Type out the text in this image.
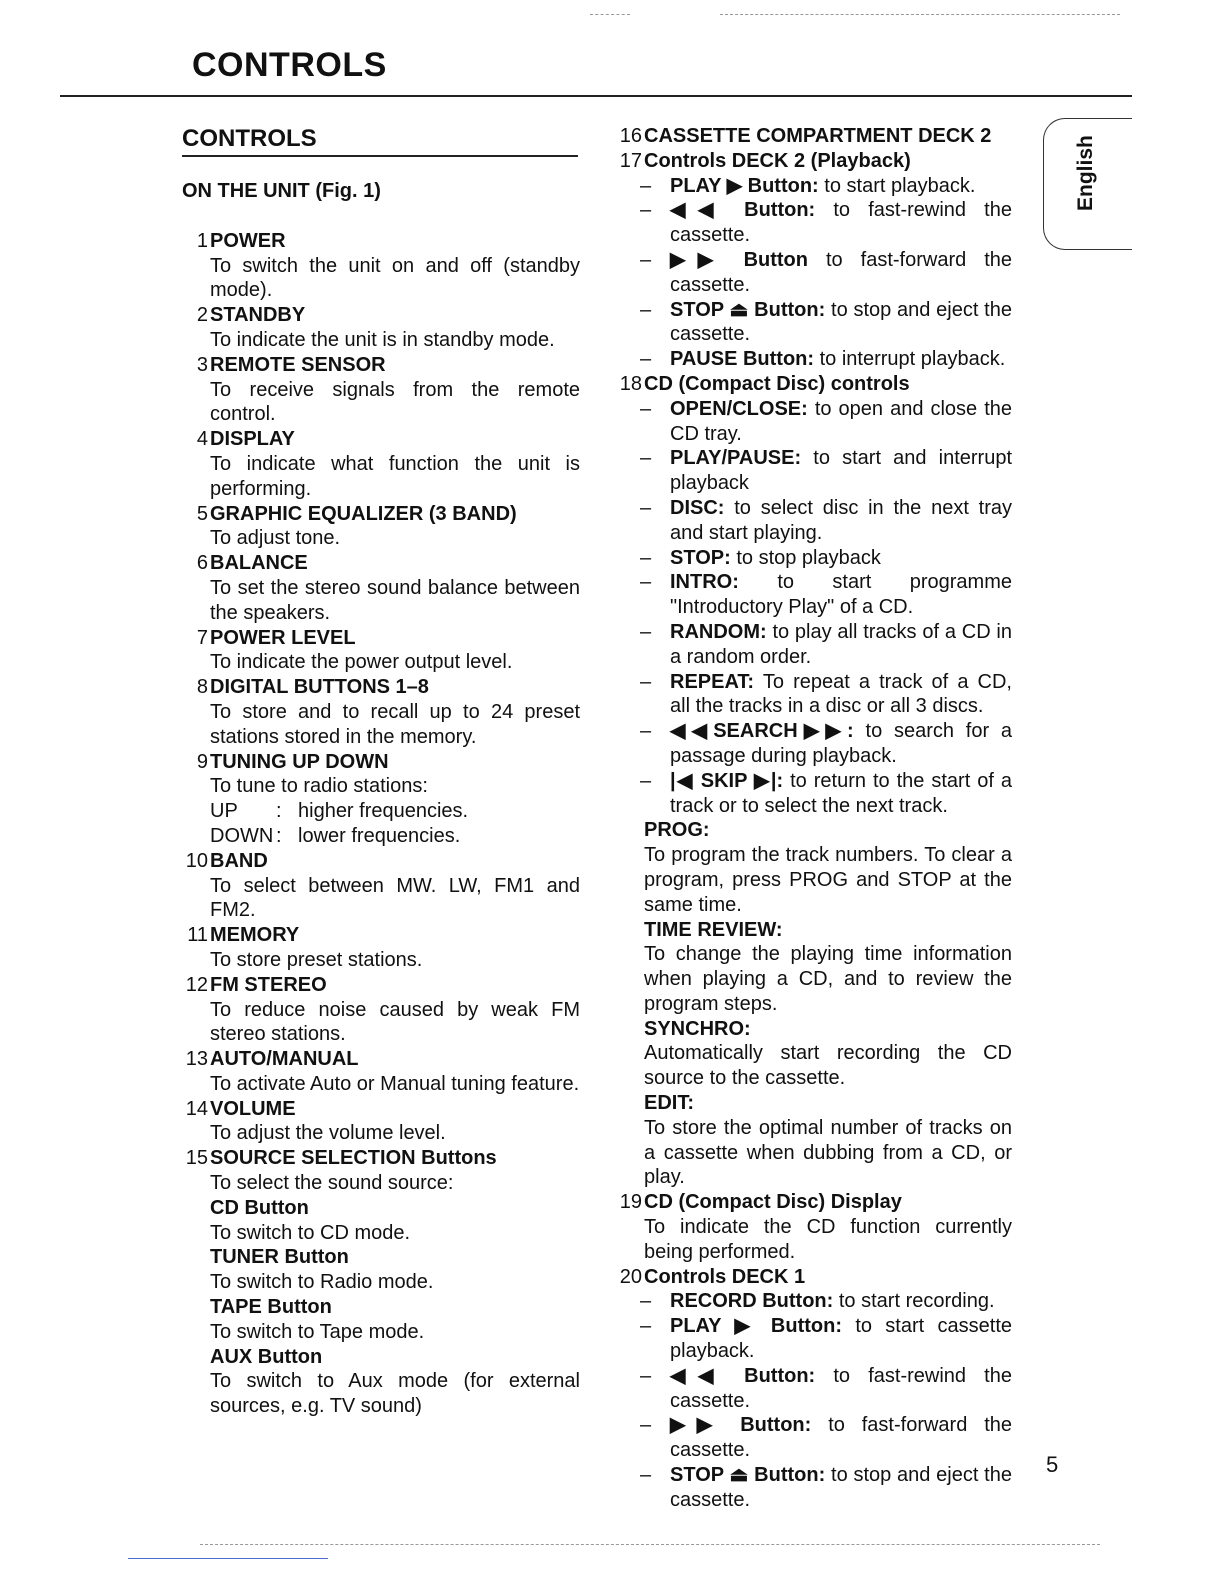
CONTROLS
English
CONTROLS
ON THE UNIT (Fig. 1)
1 POWER
To switch the unit on and off (standby mode).
2 STANDBY
To indicate the unit is in standby mode.
3 REMOTE SENSOR
To receive signals from the remote control.
4 DISPLAY
To indicate what function the unit is performing.
5 GRAPHIC EQUALIZER (3 BAND)
To adjust tone.
6 BALANCE
To set the stereo sound balance between the speakers.
7 POWER LEVEL
To indicate the power output level.
8 DIGITAL BUTTONS 1–8
To store and to recall up to 24 preset stations stored in the memory.
9 TUNING UP DOWN
To tune to radio stations:
UP	: higher frequencies.
DOWN : lower frequencies.
10 BAND
To select between MW. LW, FM1 and FM2.
11 MEMORY
To store preset stations.
12 FM STEREO
To reduce noise caused by weak FM stereo stations.
13 AUTO/MANUAL
To activate Auto or Manual tuning feature.
14 VOLUME
To adjust the volume level.
15 SOURCE SELECTION Buttons
To select the sound source:
CD Button
To switch to CD mode.
TUNER Button
To switch to Radio mode.
TAPE Button
To switch to Tape mode.
AUX Button
To switch to Aux mode (for external sources, e.g. TV sound)
16 CASSETTE COMPARTMENT DECK 2
17 Controls DECK 2 (Playback)
– PLAY ▶ Button: to start playback.
– ◀◀ Button: to fast-rewind the cassette.
– ▶▶ Button to fast-forward the cassette.
– STOP ⏏ Button: to stop and eject the cassette.
– PAUSE Button: to interrupt playback.
18 CD (Compact Disc) controls
– OPEN/CLOSE: to open and close the CD tray.
– PLAY/PAUSE: to start and interrupt playback
– DISC: to select disc in the next tray and start playing.
– STOP: to stop playback
– INTRO: to start programme "Introductory Play" of a CD.
– RANDOM: to play all tracks of a CD in a random order.
– REPEAT: To repeat a track of a CD, all the tracks in a disc or all 3 discs.
– ◀◀SEARCH▶▶: to search for a passage during playback.
– |◀ SKIP ▶|: to return to the start of a track or to select the next track.
PROG:
To program the track numbers. To clear a program, press PROG and STOP at the same time.
TIME REVIEW:
To change the playing time information when playing a CD, and to review the program steps.
SYNCHRO:
Automatically start recording the CD source to the cassette.
EDIT:
To store the optimal number of tracks on a cassette when dubbing from a CD, or play.
19 CD (Compact Disc) Display
To indicate the CD function currently being performed.
20 Controls DECK 1
– RECORD Button: to start recording.
– PLAY ▶ Button: to start cassette playback.
– ◀◀ Button: to fast-rewind the cassette.
– ▶▶ Button: to fast-forward the cassette.
– STOP ⏏ Button: to stop and eject the cassette.
5
